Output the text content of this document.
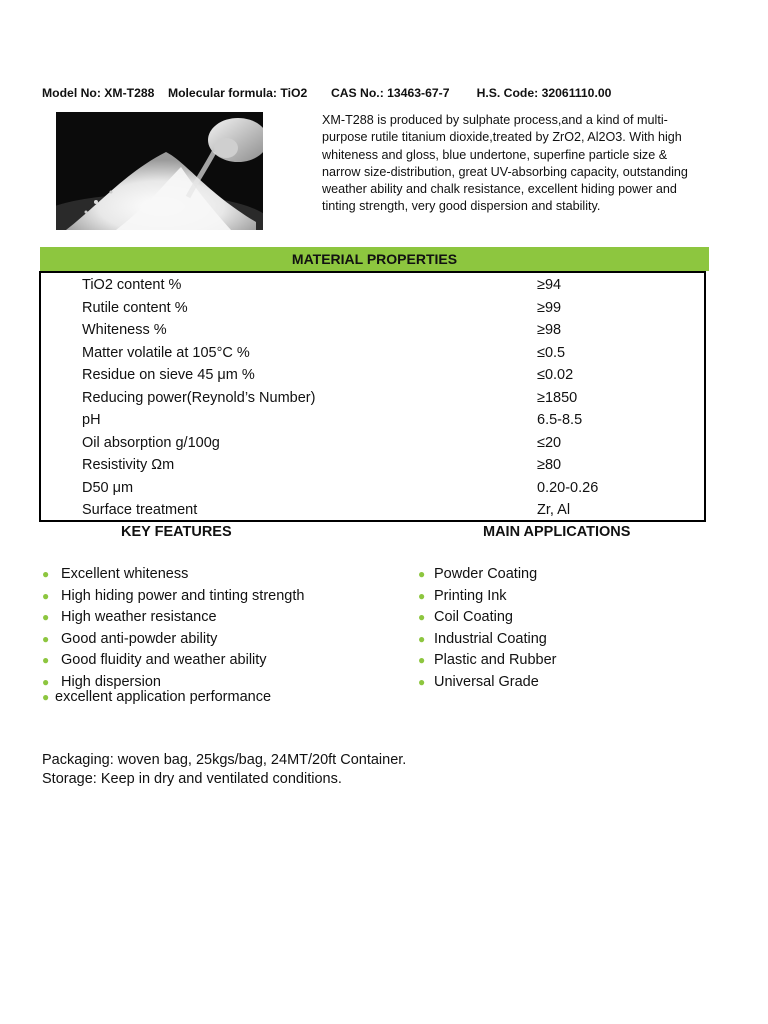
Model No: XM-T288 Molecular formula: TiO2 CAS No.: 13463-67-7 H.S. Code: 32061110.00
XM-T288 is produced by sulphate process,and a kind of multi-purpose rutile titanium dioxide,treated by ZrO2, Al2O3. With high whiteness and gloss, blue undertone, superfine particle size & narrow size-distribution, great UV-absorbing capacity, outstanding weather ability and chalk resistance, excellent hiding power and tinting strength, very good dispersion and stability.
MATERIAL PROPERTIES
TiO2 content %	≥94
Rutile content %	≥99
Whiteness %	≥98
Matter volatile at 105°C %	≤0.5
Residue on sieve 45 μm %	≤0.02
Reducing power(Reynold’s Number)	≥1850
pH	6.5-8.5
Oil absorption g/100g	≤20
Resistivity Ωm	≥80
D50 μm	0.20-0.26
Surface treatment	Zr, Al
KEY FEATURES	MAIN APPLICATIONS
● Excellent whiteness
● High hiding power and tinting strength
● High weather resistance
● Good anti-powder ability
● Good fluidity and weather ability
● High dispersion
● excellent application performance
● Powder Coating
● Printing Ink
● Coil Coating
● Industrial Coating
● Plastic and Rubber
● Universal Grade
Packaging: woven bag, 25kgs/bag, 24MT/20ft Container.
Storage: Keep in dry and ventilated conditions.
